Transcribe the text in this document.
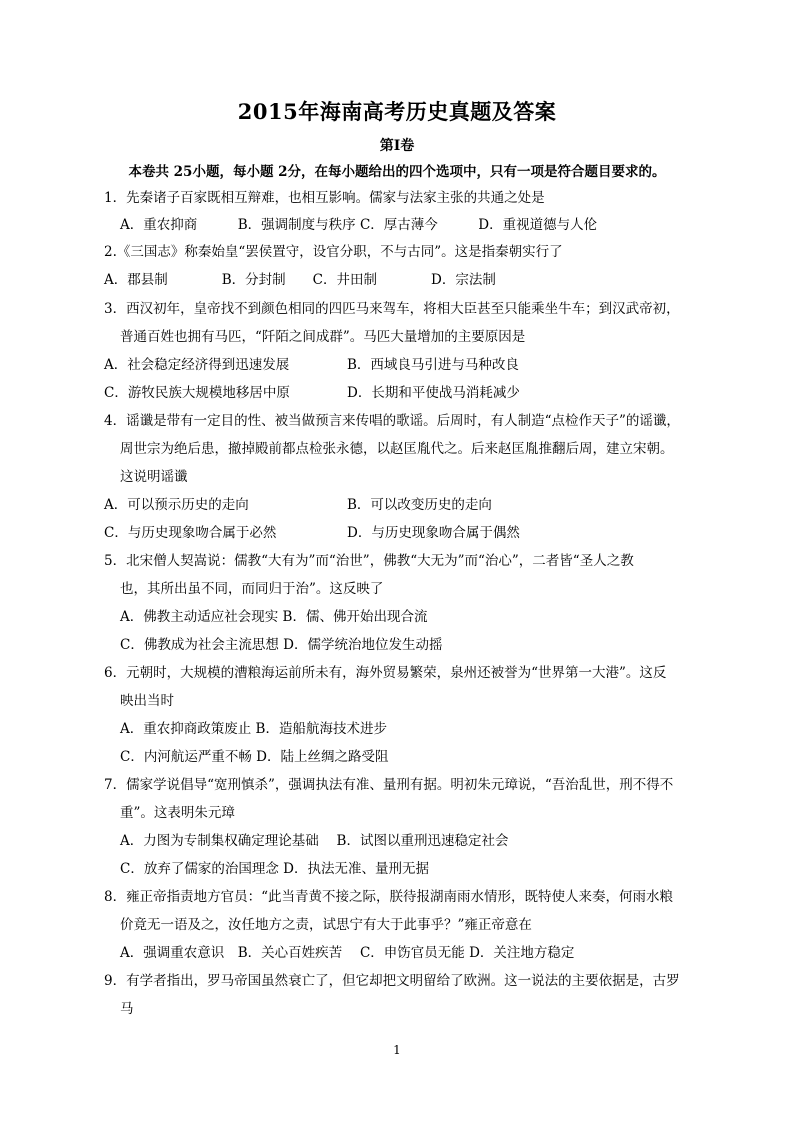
2015年海南高考历史真题及答案
第Ⅰ卷
本卷共 25小题，每小题 2分，在每小题给出的四个选项中，只有一项是符合题目要求的。
1．先秦诸子百家既相互辩难，也相互影响。儒家与法家主张的共通之处是
A．重农抑商　　　B．强调制度与秩序 C．厚古薄今　　　D．重视道德与人伦
2.《三国志》称秦始皇“罢侯置守，设官分职，不与古同”。这是指秦朝实行了
A．郡县制　　　　B．分封制　　C．井田制　　　　D．宗法制
3．西汉初年，皇帝找不到颜色相同的四匹马来驾车，将相大臣甚至只能乘坐牛车；到汉武帝初，
普通百姓也拥有马匹，“阡陌之间成群”。马匹大量增加的主要原因是
A．社会稳定经济得到迅速发展	B．西域良马引进与马种改良
C．游牧民族大规模地移居中原	D．长期和平使战马消耗减少
4．谣谶是带有一定目的性、被当做预言来传唱的歌谣。后周时，有人制造“点检作天子”的谣谶，
周世宗为绝后患，撤掉殿前都点检张永德，以赵匡胤代之。后来赵匡胤推翻后周，建立宋朝。
这说明谣谶
A．可以预示历史的走向	B．可以改变历史的走向
C．与历史现象吻合属于必然	D．与历史现象吻合属于偶然
5．北宋僧人契嵩说：儒教“大有为”而“治世”，佛教“大无为”而“治心”，二者皆“圣人之教
也，其所出虽不同，而同归于治”。这反映了
A．佛教主动适应社会现实 B．儒、佛开始出现合流
C．佛教成为社会主流思想 D．儒学统治地位发生动摇
6．元朝时，大规模的漕粮海运前所未有，海外贸易繁荣，泉州还被誉为“世界第一大港”。这反
映出当时
A．重农抑商政策废止 B．造船航海技术进步
C．内河航运严重不畅 D．陆上丝绸之路受阻
7．儒家学说倡导“宽刑慎杀”，强调执法有准、量刑有据。明初朱元璋说，“吾治乱世，刑不得不
重”。这表明朱元璋
A．力图为专制集权确定理论基础　 B．试图以重刑迅速稳定社会
C．放弃了儒家的治国理念 D．执法无准、量刑无据
8．雍正帝指责地方官员：“此当青黄不接之际，朕待报湖南雨水情形，既特使人来奏，何雨水粮
价竟无一语及之，汝任地方之责，试思宁有大于此事乎？”雍正帝意在
A．强调重农意识　B．关心百姓疾苦　 C．申饬官员无能 D．关注地方稳定
9．有学者指出，罗马帝国虽然衰亡了，但它却把文明留给了欧洲。这一说法的主要依据是，古罗
马
1
